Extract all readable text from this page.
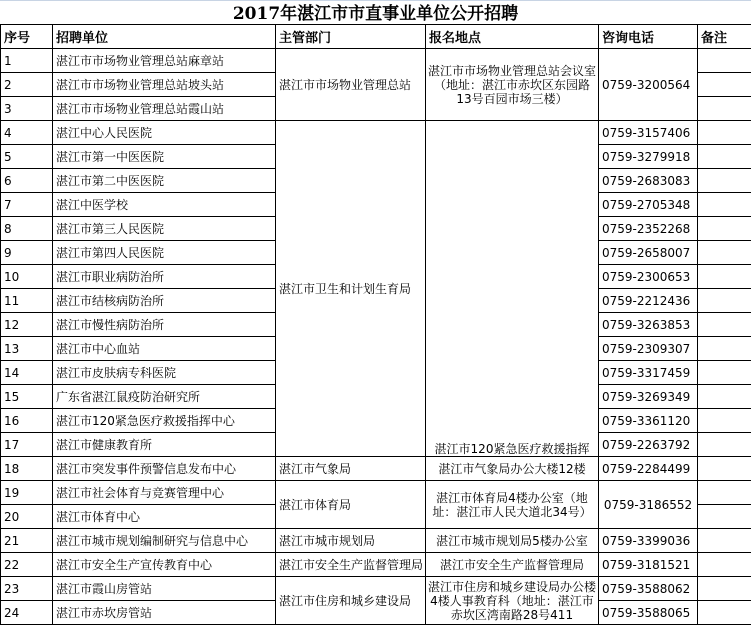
2017年湛江市市直事业单位公开招聘
序号	招聘单位	主管部门	报名地点	咨询电话	备注
1	湛江市市场物业管理总站麻章站	湛江市市场物业管理总站	湛江市市场物业管理总站会议室（地址：湛江市赤坎区东园路13号百园市场三楼）	0759-3200564	
2	湛江市市场物业管理总站坡头站				
3	湛江市市场物业管理总站霞山站				
4	湛江中心人民医院	湛江市卫生和计划生育局	湛江市120紧急医疗救援指挥	0759-3157406	
5	湛江市第一中医医院			0759-3279918	
6	湛江市第二中医医院			0759-2683083	
7	湛江中医学校			0759-2705348	
8	湛江市第三人民医院			0759-2352268	
9	湛江市第四人民医院			0759-2658007	
10	湛江市职业病防治所			0759-2300653	
11	湛江市结核病防治所			0759-2212436	
12	湛江市慢性病防治所			0759-3263853	
13	湛江市中心血站			0759-2309307	
14	湛江市皮肤病专科医院			0759-3317459	
15	广东省湛江鼠疫防治研究所			0759-3269349	
16	湛江市120紧急医疗救援指挥中心			0759-3361120	
17	湛江市健康教育所			0759-2263792	
18	湛江市突发事件预警信息发布中心	湛江市气象局	湛江市气象局办公大楼12楼	0759-2284499	
19	湛江市社会体育与竞赛管理中心	湛江市体育局	湛江市体育局4楼办公室（地址：湛江市人民大道北34号）	0759-3186552	
20	湛江市体育中心				
21	湛江市城市规划编制研究与信息中心	湛江市城市规划局	湛江市城市规划局5楼办公室	0759-3399036	
22	湛江市安全生产宣传教育中心	湛江市安全生产监督管理局	湛江市安全生产监督管理局	0759-3181521	
23	湛江市霞山房管站	湛江市住房和城乡建设局	湛江市住房和城乡建设局办公楼4楼人事教育科（地址：湛江市赤坎区湾南路28号411	0759-3588062	
24	湛江市赤坎房管站			0759-3588065	
